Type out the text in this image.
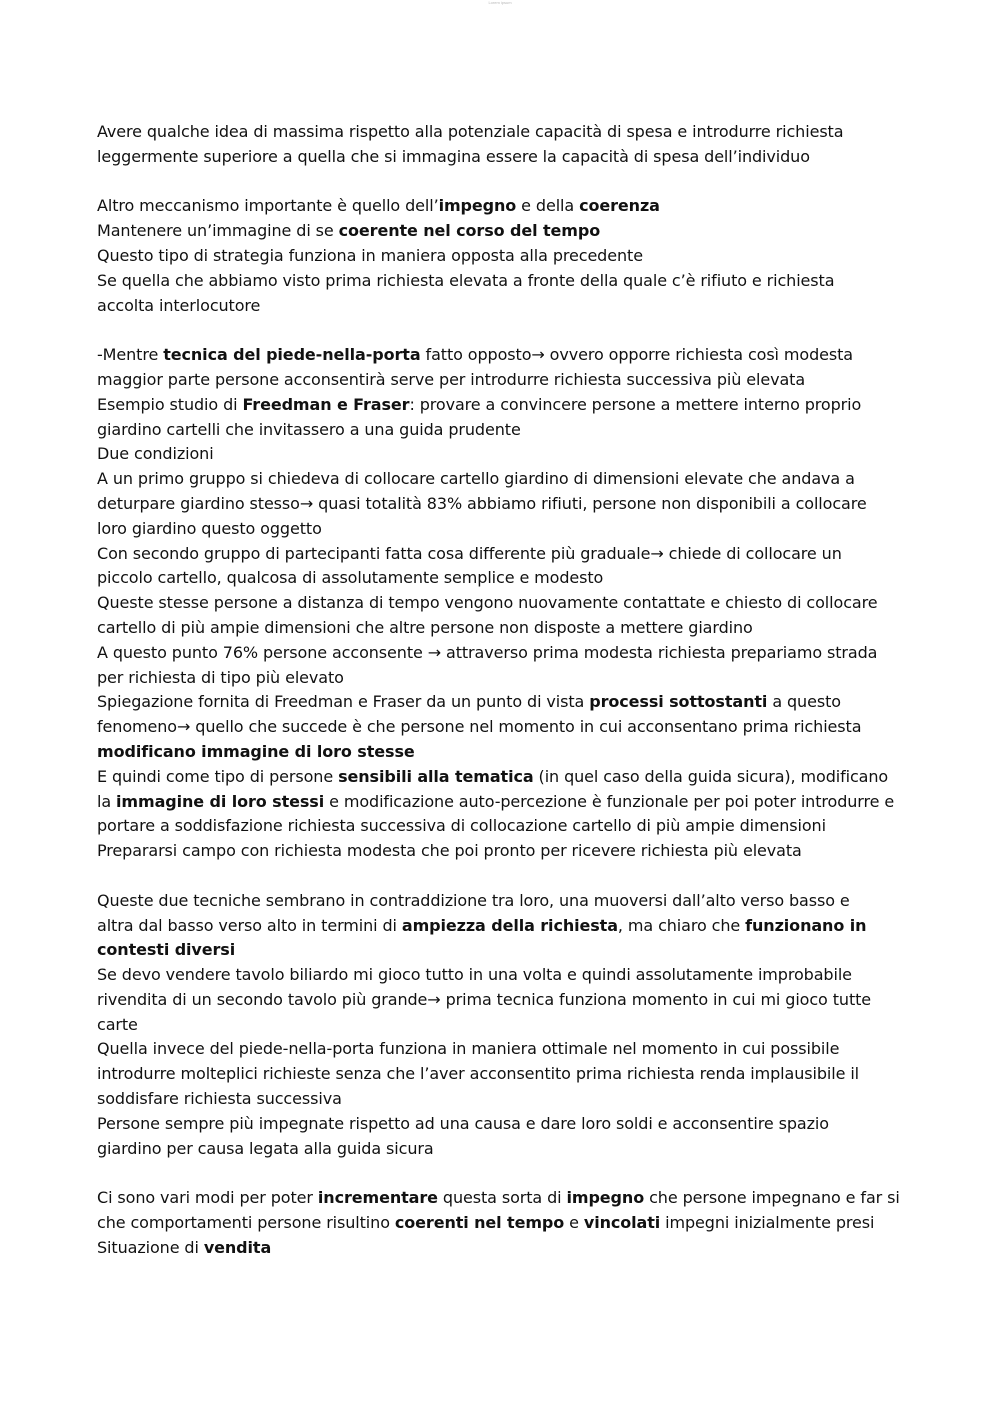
Lorem ipsum
Avere qualche idea di massima rispetto alla potenziale capacità di spesa e introdurre richiesta
leggermente superiore a quella che si immagina essere la capacità di spesa dell’individuo
Altro meccanismo importante è quello dell’impegno e della coerenza
Mantenere un’immagine di se coerente nel corso del tempo
Questo tipo di strategia funziona in maniera opposta alla precedente
Se quella che abbiamo visto prima richiesta elevata a fronte della quale c’è rifiuto e richiesta
accolta interlocutore
-Mentre tecnica del piede-nella-porta fatto opposto→ ovvero opporre richiesta così modesta
maggior parte persone acconsentirà serve per introdurre richiesta successiva più elevata
Esempio studio di Freedman e Fraser: provare a convincere persone a mettere interno proprio
giardino cartelli che invitassero a una guida prudente
Due condizioni
A un primo gruppo si chiedeva di collocare cartello giardino di dimensioni elevate che andava a
deturpare giardino stesso→ quasi totalità 83% abbiamo rifiuti, persone non disponibili a collocare
loro giardino questo oggetto
Con secondo gruppo di partecipanti fatta cosa differente più graduale→ chiede di collocare un
piccolo cartello, qualcosa di assolutamente semplice e modesto
Queste stesse persone a distanza di tempo vengono nuovamente contattate e chiesto di collocare
cartello di più ampie dimensioni che altre persone non disposte a mettere giardino
A questo punto 76% persone acconsente → attraverso prima modesta richiesta prepariamo strada
per richiesta di tipo più elevato
Spiegazione fornita di Freedman e Fraser da un punto di vista processi sottostanti a questo
fenomeno→ quello che succede è che persone nel momento in cui acconsentano prima richiesta
modificano immagine di loro stesse
E quindi come tipo di persone sensibili alla tematica (in quel caso della guida sicura), modificano
la immagine di loro stessi e modificazione auto-percezione è funzionale per poi poter introdurre e
portare a soddisfazione richiesta successiva di collocazione cartello di più ampie dimensioni
Prepararsi campo con richiesta modesta che poi pronto per ricevere richiesta più elevata
Queste due tecniche sembrano in contraddizione tra loro, una muoversi dall’alto verso basso e
altra dal basso verso alto in termini di ampiezza della richiesta, ma chiaro che funzionano in
contesti diversi
Se devo vendere tavolo biliardo mi gioco tutto in una volta e quindi assolutamente improbabile
rivendita di un secondo tavolo più grande→ prima tecnica funziona momento in cui mi gioco tutte
carte
Quella invece del piede-nella-porta funziona in maniera ottimale nel momento in cui possibile
introdurre molteplici richieste senza che l’aver acconsentito prima richiesta renda implausibile il
soddisfare richiesta successiva
Persone sempre più impegnate rispetto ad una causa e dare loro soldi e acconsentire spazio
giardino per causa legata alla guida sicura
Ci sono vari modi per poter incrementare questa sorta di impegno che persone impegnano e far si
che comportamenti persone risultino coerenti nel tempo e vincolati impegni inizialmente presi
Situazione di vendita
